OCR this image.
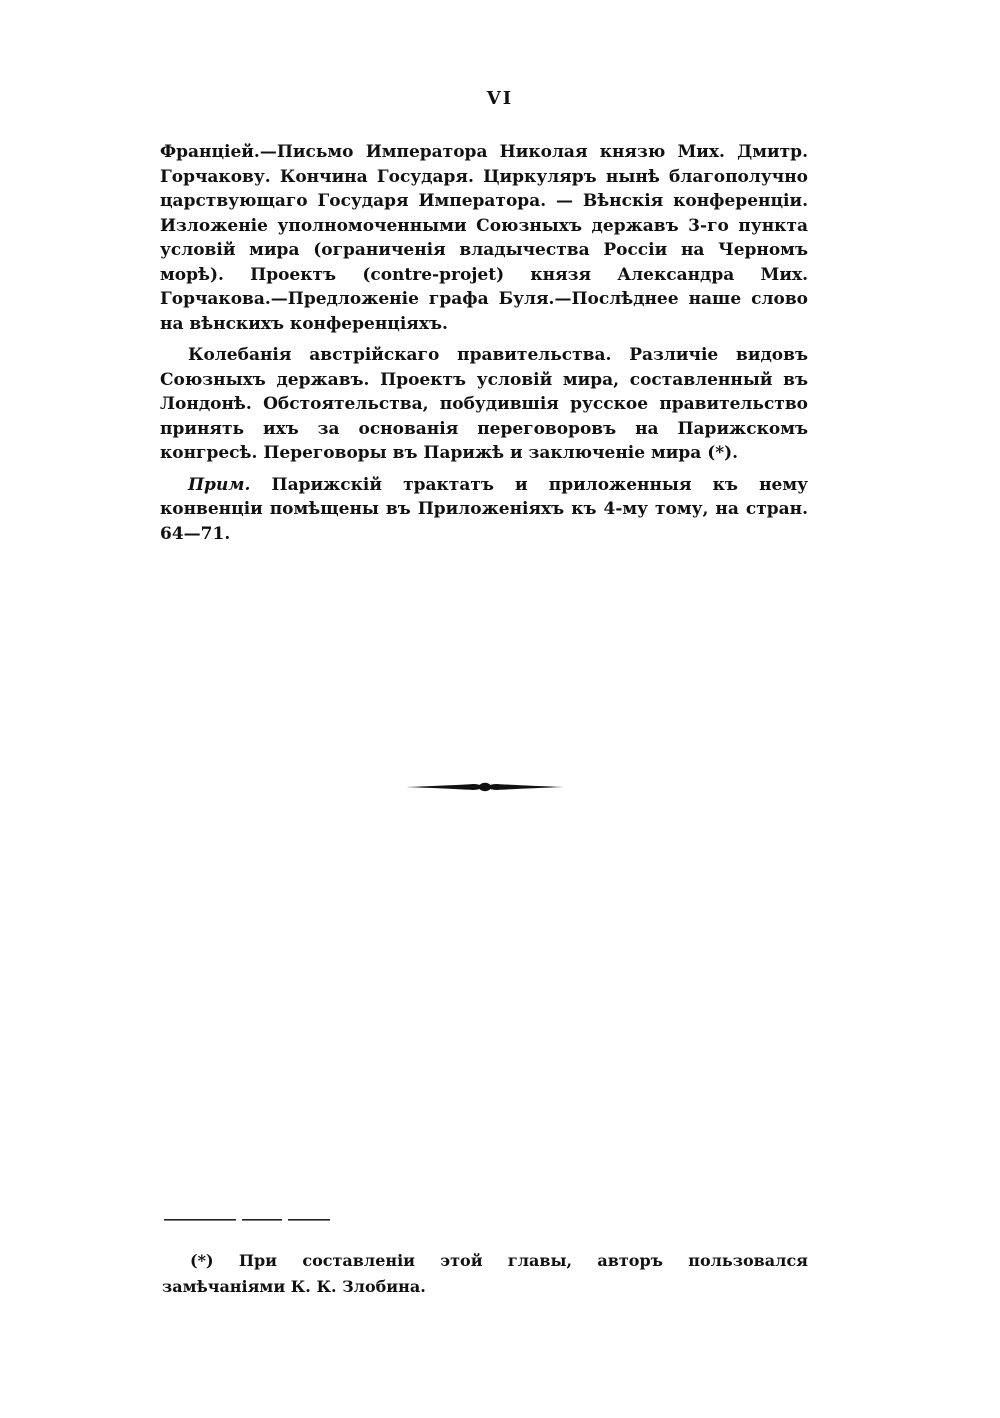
VI

Франціей.—Письмо Императора Николая князю Мих. Дмитр. Горчакову. Кончина Государя. Циркуляръ нынѣ благополучно царствующаго Государя Императора. — Вѣнскія конференціи. Изложеніе уполномоченными Союзныхъ державъ 3-го пункта условій мира (ограниченія владычества Россіи на Черномъ морѣ). Проектъ (contre-projet) князя Александра Мих. Горчакова.—Предложеніе графа Буля.—Послѣднее наше слово на вѣнскихъ конференціяхъ.

Колебанія австрійскаго правительства. Различіе видовъ Союзныхъ державъ. Проектъ условій мира, составленный въ Лондонѣ. Обстоятельства, побудившія русское правительство принять ихъ за основанія переговоровъ на Парижскомъ конгресѣ. Переговоры въ Парижѣ и заключеніе мира (*).

Прим. Парижскій трактатъ и приложенныя къ нему конвенціи помѣщены въ Приложеніяхъ къ 4-му тому, на стран. 64—71.

(*) При составленіи этой главы, авторъ пользовался замѣчаніями К. К. Злобина.
